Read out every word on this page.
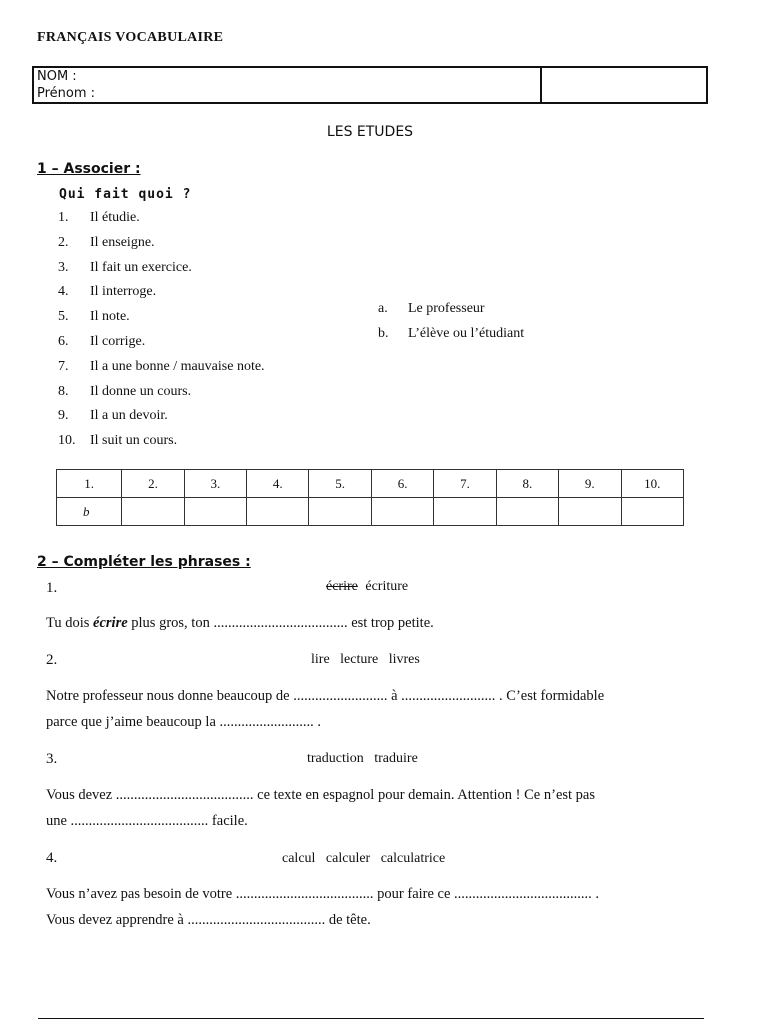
FRANÇAIS VOCABULAIRE
NOM :
Prénom :
LES ETUDES
1 – Associer :
Qui fait quoi ?
1.	Il étudie.
2.	Il enseigne.
3.	Il fait un exercice.
4.	Il interroge.
5.	Il note.
6.	Il corrige.
7.	Il a une bonne / mauvaise note.
8.	Il donne un cours.
9.	Il a un devoir.
10.	Il suit un cours.
a.	Le professeur
b.	L’élève ou l’étudiant
1.	2.	3.	4.	5.	6.	7.	8.	9.	10.
b									
2 – Compléter les phrases :
1.	écrire écriture
Tu dois écrire plus gros, ton ..................................... est trop petite.
2.	lire   lecture   livres
Notre professeur nous donne beaucoup de .......................... à .......................... . C’est formidable
parce que j’aime beaucoup la .......................... .
3.	traduction   traduire
Vous devez ...................................... ce texte en espagnol pour demain. Attention ! Ce n’est pas
une ...................................... facile.
4.	calcul   calculer   calculatrice
Vous n’avez pas besoin de votre ...................................... pour faire ce ...................................... .
Vous devez apprendre à ...................................... de tête.
